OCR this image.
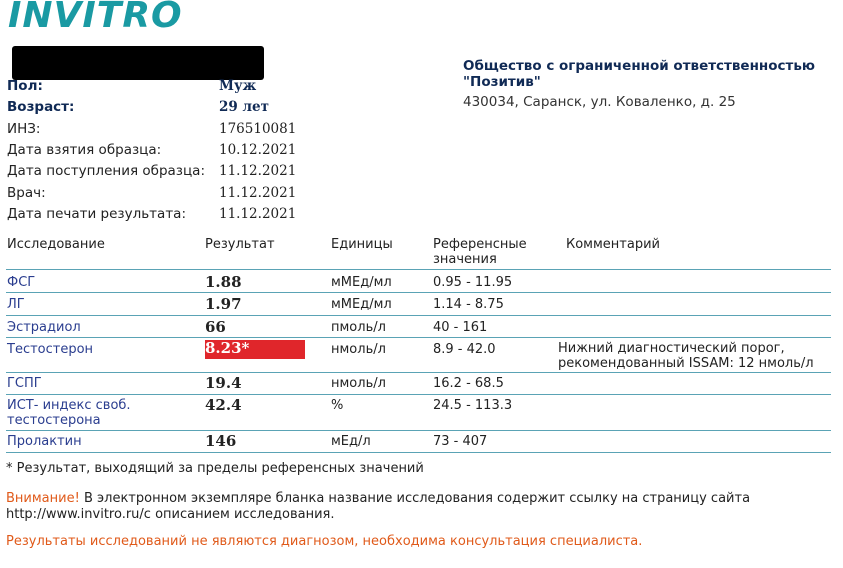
INVITRO
Пол:	Муж
Возраст:	29 лет
ИНЗ:	176510081
Дата взятия образца:	10.12.2021
Дата поступления образца: 11.12.2021
Врач:	11.12.2021
Дата печати результата: 11.12.2021
Общество с ограниченной ответственностью
"Позитив"
430034, Саранск, ул. Коваленко, д. 25
Исследование	Результат	Единицы	Референсные
значения
Комментарий
ФСГ	1.88	мМЕд/мл	0.95 - 11.95
ЛГ	1.97	мМЕд/мл	1.14 - 8.75
Эстрадиол	66	пмоль/л	40 - 161
Тестостерон	8.23*	нмоль/л	8.9 - 42.0	Нижний диагностический порог,
рекомендованный ISSAM: 12 нмоль/л
ГСПГ	19.4	нмоль/л	16.2 - 68.5
ИСТ- индекс своб.
тестостерона
42.4	%	24.5 - 113.3
Пролактин	146	мЕд/л	73 - 407
* Результат, выходящий за пределы референсных значений
Внимание! В электронном экземпляре бланка название исследования содержит ссылку на страницу сайта
http://www.invitro.ru/с описанием исследования.
Результаты исследований не являются диагнозом, необходима консультация специалиста.
